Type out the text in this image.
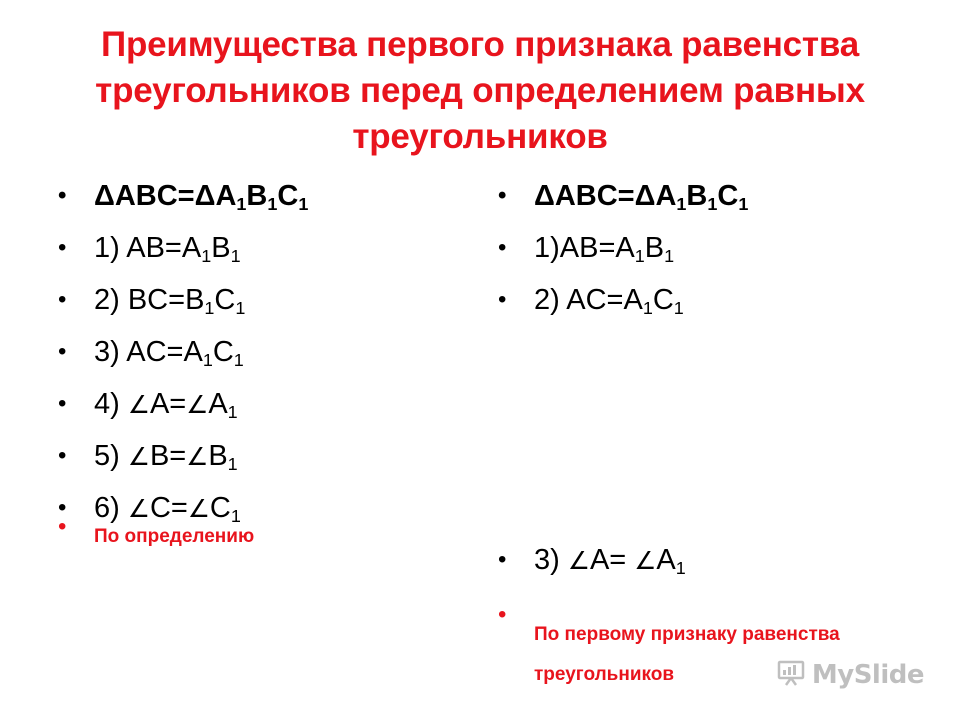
Преимущества первого признака равенства треугольников перед определением равных треугольников
• $\Delta ABC=\Delta A_1B_1C_1$
• 1) $AB=A_1B_1$
• 2) $BC=B_1C_1$
• 3) $AC=A_1C_1$
• 4) $\angle A=\angle A_1$
• 5) $\angle B=\angle B_1$
• 6) $\angle C=\angle C_1$
•	По определению
• $\Delta ABC=\Delta A_1B_1C_1$
• $1)AB=A_1B_1$
• 2) $AC=A_1C_1$
• 3) ∠A= $\angle A_1$
•
По первому признаку равенства
треугольников	MySlide
